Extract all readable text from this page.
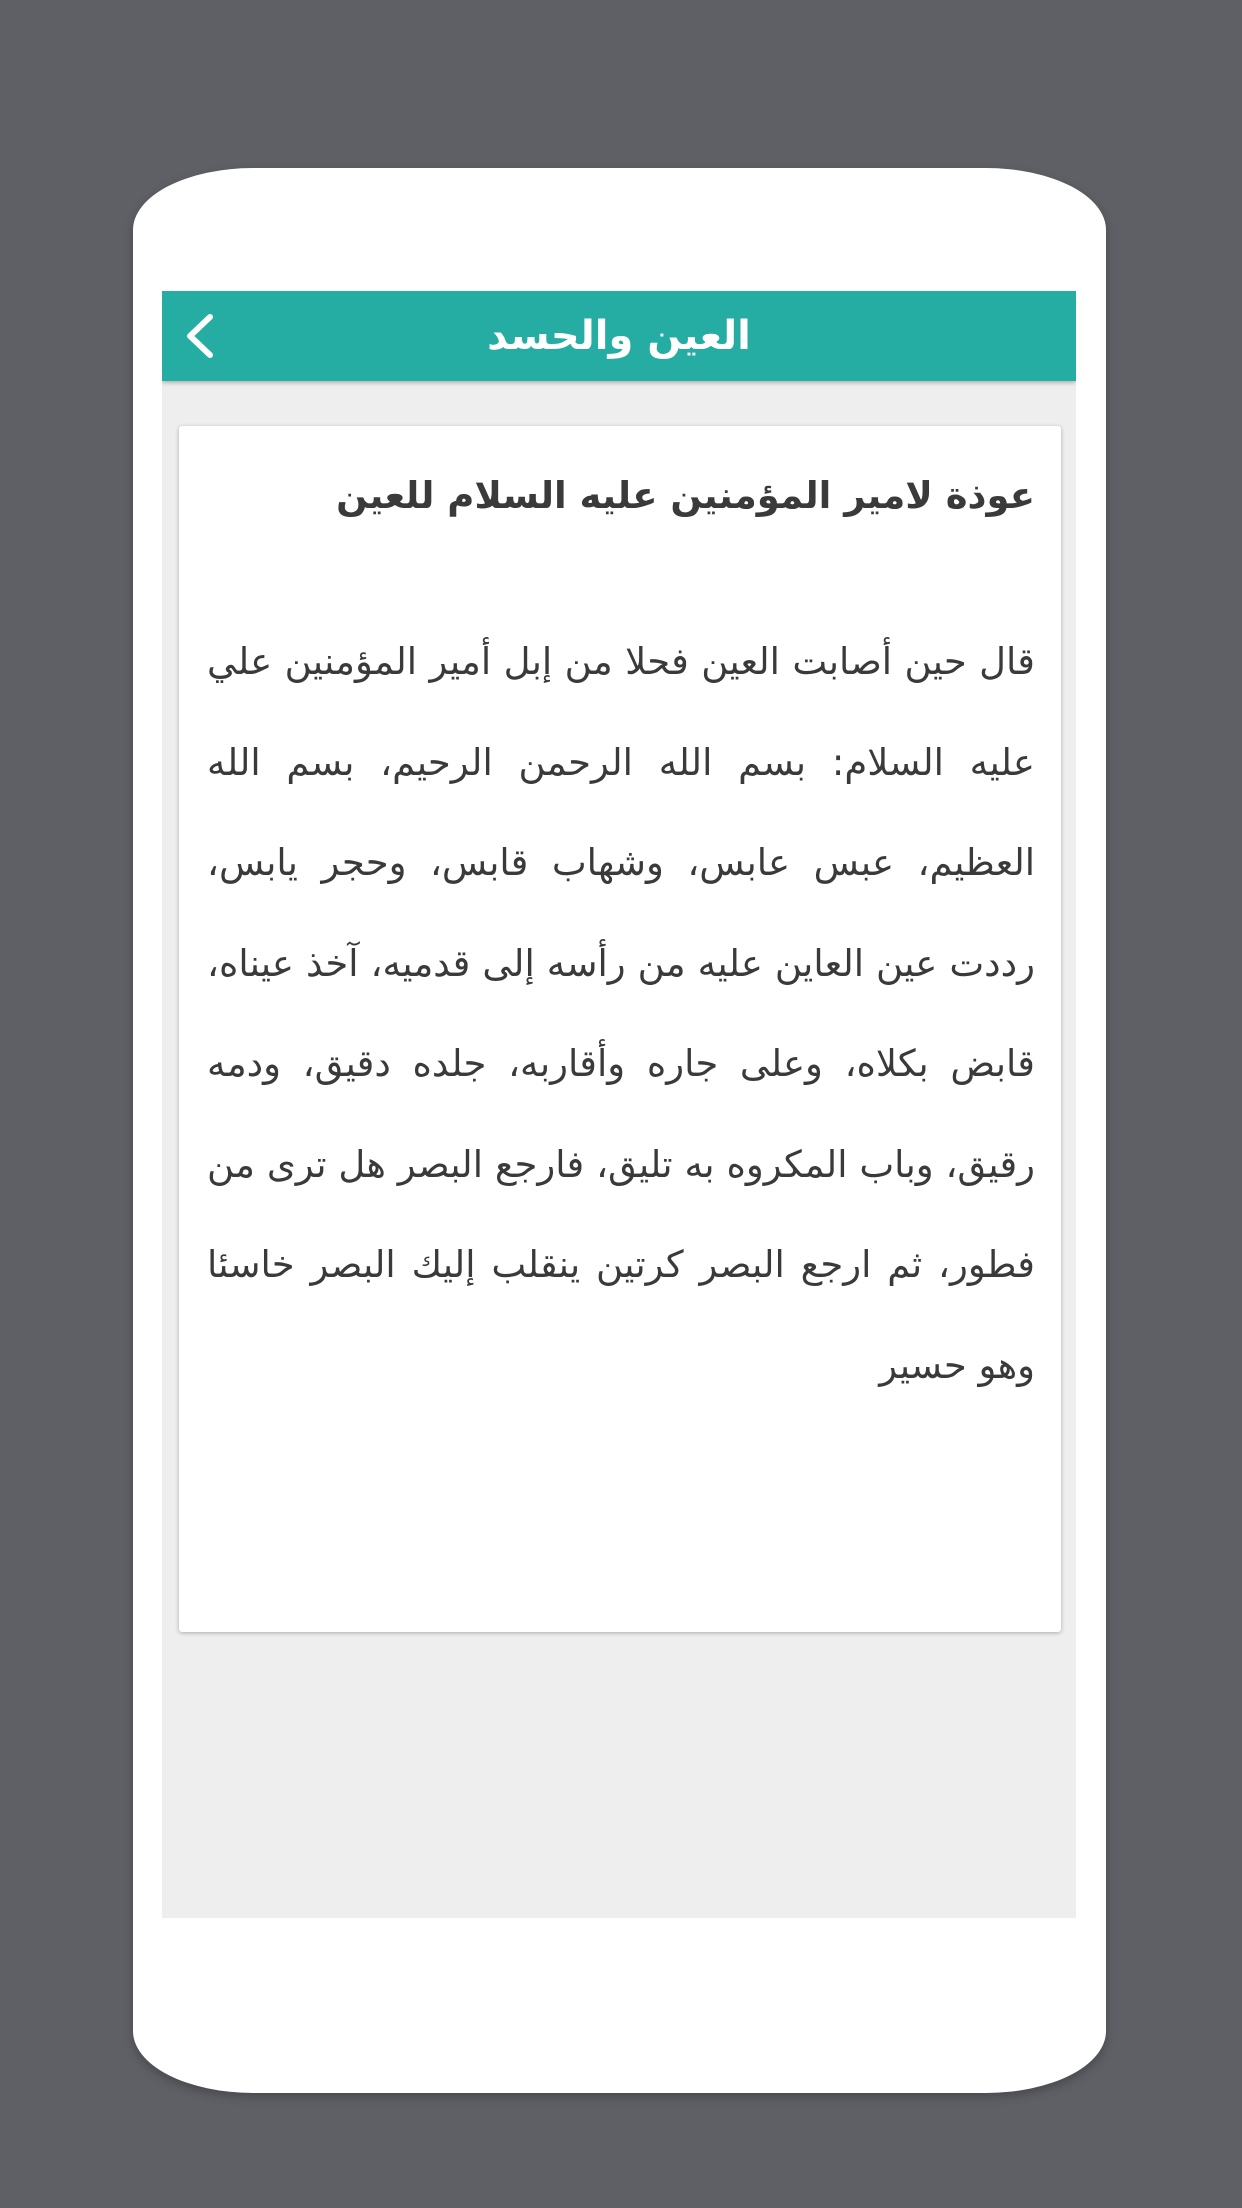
العين والحسد

عوذة لامير المؤمنين عليه السلام للعين

قال حين أصابت العين فحلا من إبل أمير المؤمنين علي عليه السلام: بسم الله الرحمن الرحيم، بسم الله العظيم، عبس عابس، وشهاب قابس، وحجر يابس، رددت عين العاين عليه من رأسه إلى قدميه، آخذ عيناه، قابض بكلاه، وعلى جاره وأقاربه، جلده دقيق، ودمه رقيق، وباب المكروه به تليق، فارجع البصر هل ترى من فطور، ثم ارجع البصر كرتين ينقلب إليك البصر خاسئا وهو حسير
